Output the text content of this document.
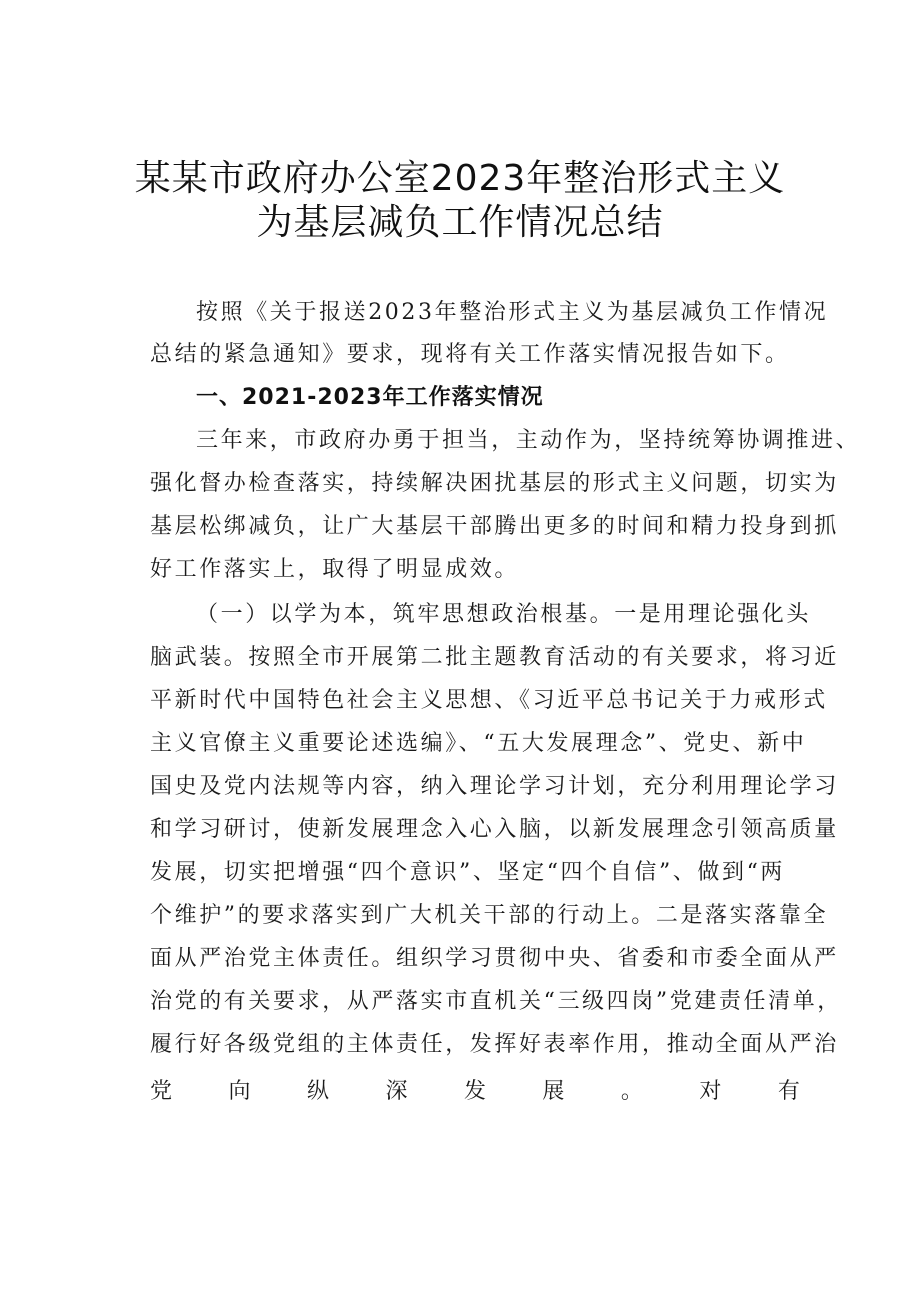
某某市政府办公室2023年整治形式主义
为基层减负工作情况总结
按照《关于报送2023年整治形式主义为基层减负工作情况
总结的紧急通知》要求，现将有关工作落实情况报告如下。
一、2021-2023年工作落实情况
三年来，市政府办勇于担当，主动作为，坚持统筹协调推进、
强化督办检查落实，持续解决困扰基层的形式主义问题，切实为
基层松绑减负，让广大基层干部腾出更多的时间和精力投身到抓
好工作落实上，取得了明显成效。
（一）以学为本，筑牢思想政治根基。一是用理论强化头
脑武装。按照全市开展第二批主题教育活动的有关要求，将习近
平新时代中国特色社会主义思想、《习近平总书记关于力戒形式
主义官僚主义重要论述选编》、“五大发展理念”、党史、新中
国史及党内法规等内容，纳入理论学习计划，充分利用理论学习
和学习研讨，使新发展理念入心入脑，以新发展理念引领高质量
发展，切实把增强“四个意识”、坚定“四个自信”、做到“两
个维护”的要求落实到广大机关干部的行动上。二是落实落靠全
面从严治党主体责任。组织学习贯彻中央、省委和市委全面从严
治党的有关要求，从严落实市直机关“三级四岗”党建责任清单，
履行好各级党组的主体责任，发挥好表率作用，推动全面从严治
党	向	纵	深	发	展	。	对	有
